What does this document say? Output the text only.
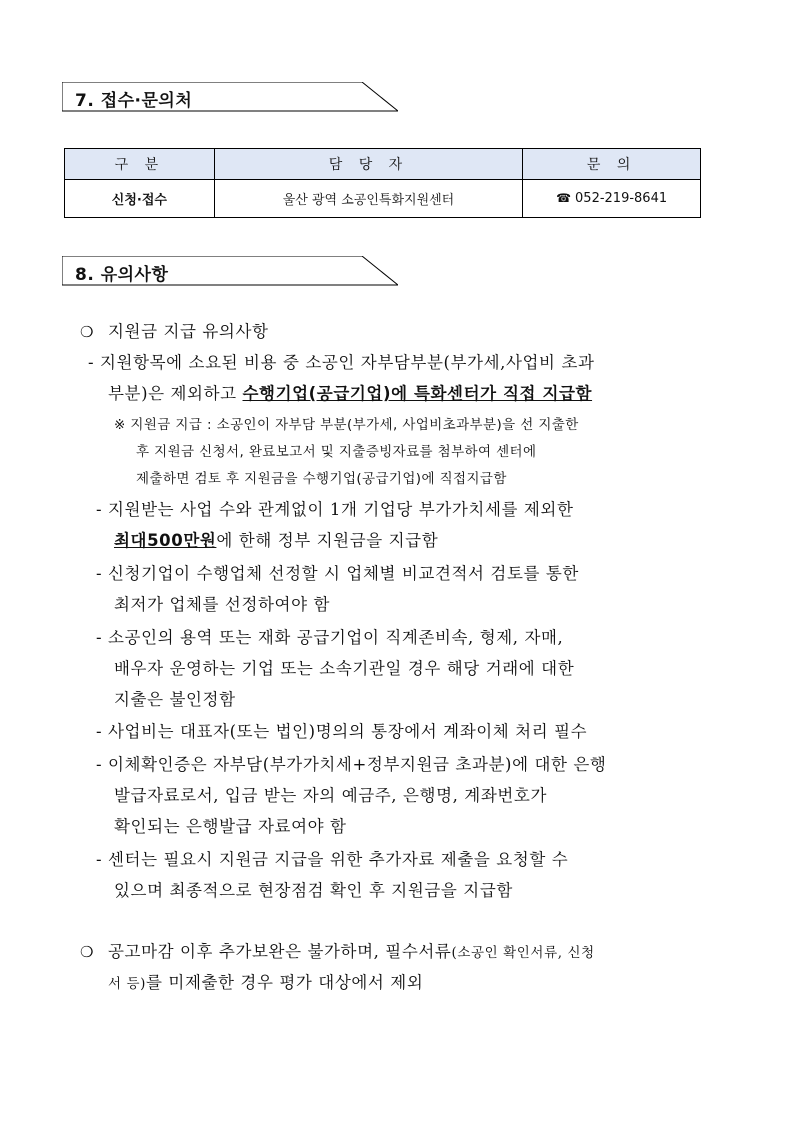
7. 접수·문의처
구 분	담 당 자	문 의
신청·접수	울산 광역 소공인특화지원센터	☎ 052-219-8641
8. 유의사항
❍ 지원금 지급 유의사항
- 지원항목에 소요된 비용 중 소공인 자부담부분(부가세,사업비 초과
부분)은 제외하고 수행기업(공급기업)에 특화센터가 직접 지급함
※ 지원금 지급 : 소공인이 자부담 부분(부가세, 사업비초과부분)을 선 지출한
후 지원금 신청서, 완료보고서 및 지출증빙자료를 첨부하여 센터에
제출하면 검토 후 지원금을 수행기업(공급기업)에 직접지급함
- 지원받는 사업 수와 관계없이 1개 기업당 부가가치세를 제외한
최대500만원에 한해 정부 지원금을 지급함
- 신청기업이 수행업체 선정할 시 업체별 비교견적서 검토를 통한
최저가 업체를 선정하여야 함
- 소공인의 용역 또는 재화 공급기업이 직계존비속, 형제, 자매,
배우자 운영하는 기업 또는 소속기관일 경우 해당 거래에 대한
지출은 불인정함
- 사업비는 대표자(또는 법인)명의의 통장에서 계좌이체 처리 필수
- 이체확인증은 자부담(부가가치세+정부지원금 초과분)에 대한 은행
발급자료로서, 입금 받는 자의 예금주, 은행명, 계좌번호가
확인되는 은행발급 자료여야 함
- 센터는 필요시 지원금 지급을 위한 추가자료 제출을 요청할 수
있으며 최종적으로 현장점검 확인 후 지원금을 지급함
❍ 공고마감 이후 추가보완은 불가하며, 필수서류(소공인 확인서류, 신청
서 등)를 미제출한 경우 평가 대상에서 제외
